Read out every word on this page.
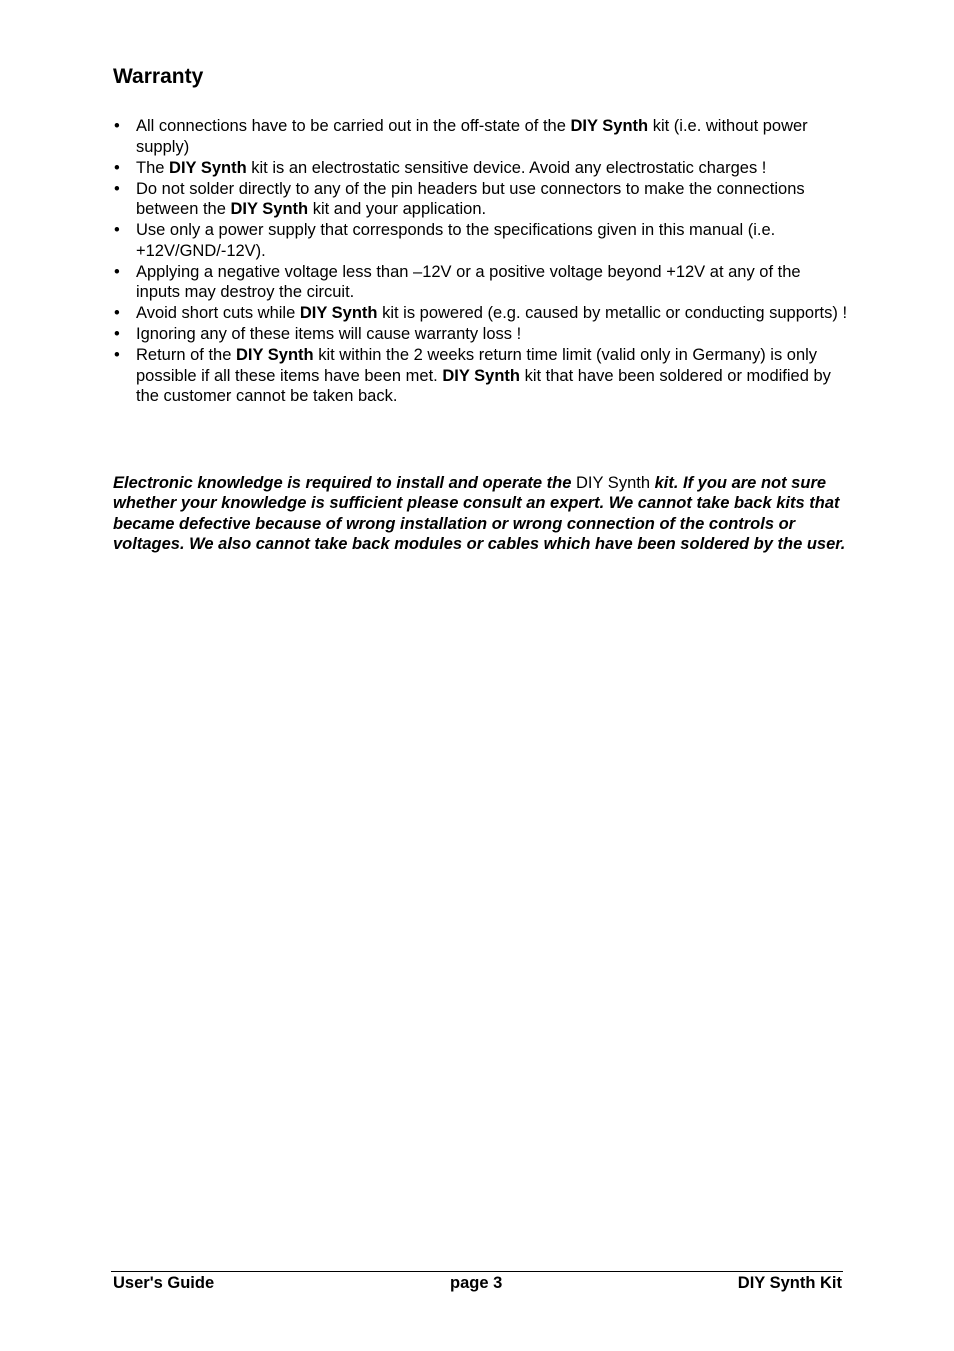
Warranty
• All connections have to be carried out in the off-state of the DIY Synth kit (i.e. without power supply)
• The DIY Synth kit is an electrostatic sensitive device. Avoid any electrostatic charges !
• Do not solder directly to any of the pin headers but use connectors to make the connections between the DIY Synth kit and your application.
• Use only a power supply that corresponds to the specifications given in this manual (i.e. +12V/GND/-12V).
• Applying a negative voltage less than –12V or a positive voltage beyond +12V at any of the inputs may destroy the circuit.
• Avoid short cuts while DIY Synth kit is powered (e.g. caused by metallic or conducting supports) !
• Ignoring any of these items will cause warranty loss !
• Return of the DIY Synth kit within the 2 weeks return time limit (valid only in Germany) is only possible if all these items have been met. DIY Synth kit that have been soldered or modified by the customer cannot be taken back.

Electronic knowledge is required to install and operate the DIY Synth kit. If you are not sure whether your knowledge is sufficient please consult an expert. We cannot take back kits that became defective because of wrong installation or wrong connection of the controls or voltages. We also cannot take back modules or cables which have been soldered by the user.

User's Guide	page 3	DIY Synth Kit
